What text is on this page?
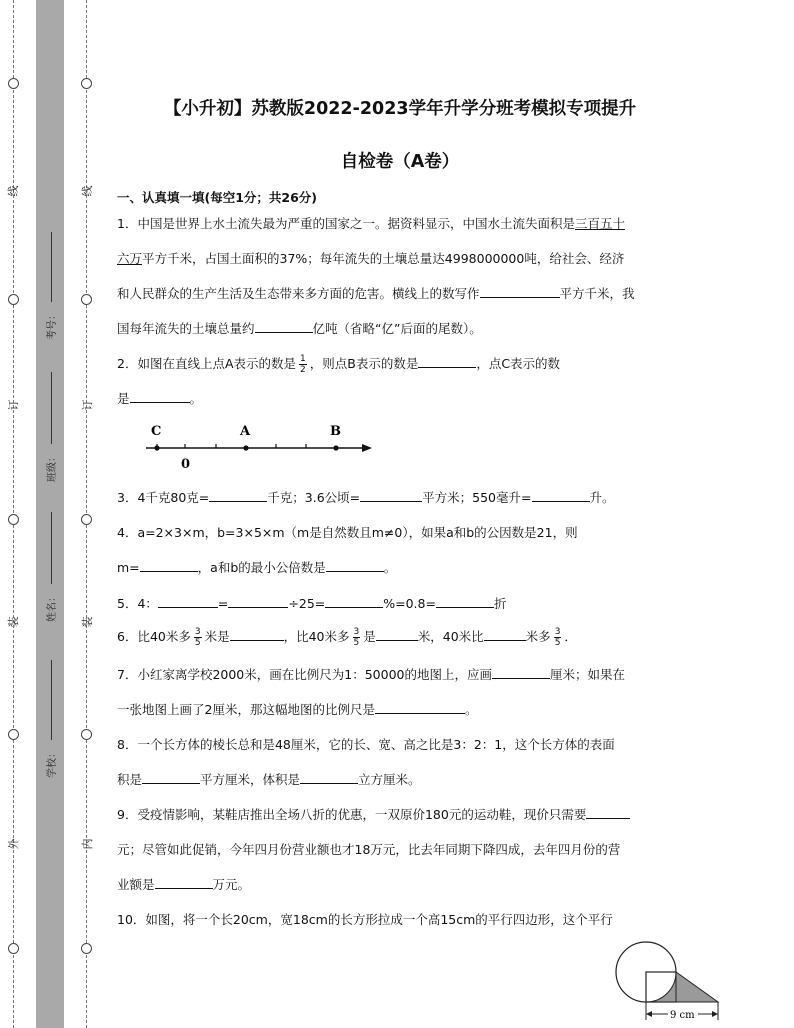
线
订
装
外
线
订
装
内
考号：
班级：
姓名：
学校：
【小升初】苏教版2022-2023学年升学分班考模拟专项提升
自检卷（A卷）
一、认真填一填(每空1分；共26分)
1．中国是世界上水土流失最为严重的国家之一。据资料显示，中国水土流失面积是三百五十
六万平方千米，占国土面积的37%；每年流失的土壤总量达4998000000吨，给社会、经济
和人民群众的生产生活及生态带来多方面的危害。横线上的数写作	平方千米，我
国每年流失的土壤总量约	亿吨（省略“亿”后面的尾数）。
2．如图在直线上点A表示的数是 $\frac{1}{2}$ ，则点B表示的数是	，点C表示的数
是	。
C	A	B
0
3．4千克80克=	千克；3.6公顷=	平方米；550毫升=	升。
4．a=2×3×m，b=3×5×m（m是自然数且m≠0），如果a和b的公因数是21，则
m=	，a和b的最小公倍数是	。
5．4：	=	÷25=	%=0.8=	折
6．比40米多 $\frac{3}{5}$ 米是	，比40米多 $\frac{3}{5}$ 是	米，40米比	米多 $\frac{3}{5}$ ．
7．小红家离学校2000米，画在比例尺为1：50000的地图上，应画	厘米；如果在
一张地图上画了2厘米，那这幅地图的比例尺是	。
8．一个长方体的棱长总和是48厘米，它的长、宽、高之比是3：2：1，这个长方体的表面
积是	平方厘米，体积是	立方厘米。
9．受疫情影响，某鞋店推出全场八折的优惠，一双原价180元的运动鞋，现价只需要
元；尽管如此促销，今年四月份营业额也才18万元，比去年同期下降四成，去年四月份的营
业额是	万元。
10．如图，将一个长20cm，宽18cm的长方形拉成一个高15cm的平行四边形，这个平行
9 cm
